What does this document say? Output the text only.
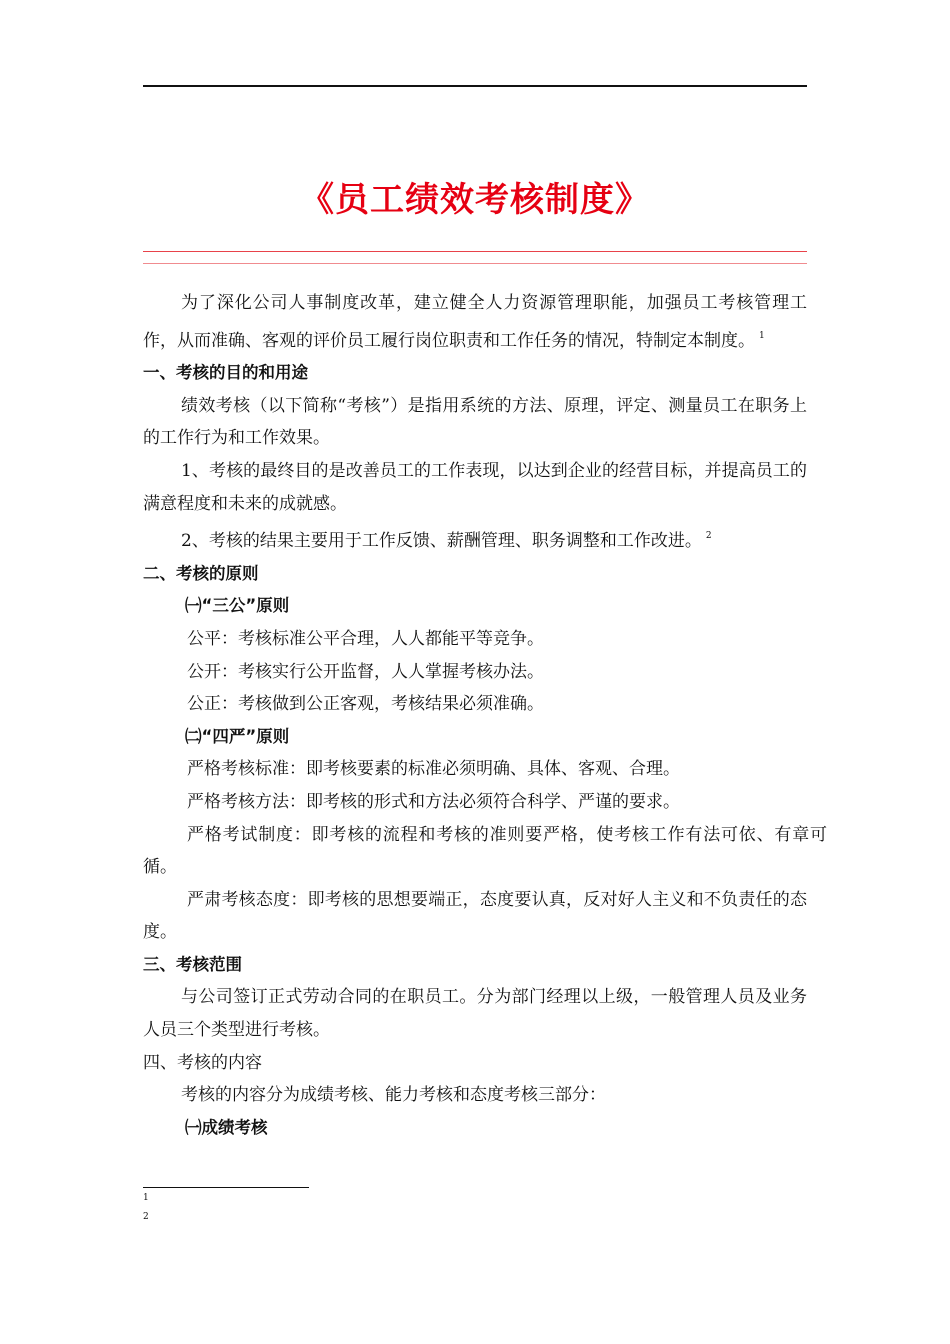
《员工绩效考核制度》

为了深化公司人事制度改革，建立健全人力资源管理职能，加强员工考核管理工作，从而准确、客观的评价员工履行岗位职责和工作任务的情况，特制定本制度。 $^1$

一、考核的目的和用途

绩效考核（以下简称“考核”）是指用系统的方法、原理，评定、测量员工在职务上的工作行为和工作效果。

1、考核的最终目的是改善员工的工作表现，以达到企业的经营目标，并提高员工的满意程度和未来的成就感。

2、考核的结果主要用于工作反馈、薪酬管理、职务调整和工作改进。 $^2$

二、考核的原则

㈠“三公”原则

公平：考核标准公平合理，人人都能平等竞争。

公开：考核实行公开监督，人人掌握考核办法。

公正：考核做到公正客观，考核结果必须准确。

㈡“四严”原则

严格考核标准：即考核要素的标准必须明确、具体、客观、合理。

严格考核方法：即考核的形式和方法必须符合科学、严谨的要求。

严格考试制度：即考核的流程和考核的准则要严格，使考核工作有法可依、有章可循。

严肃考核态度：即考核的思想要端正，态度要认真，反对好人主义和不负责任的态度。

三、考核范围

与公司签订正式劳动合同的在职员工。分为部门经理以上级，一般管理人员及业务人员三个类型进行考核。

四、考核的内容

考核的内容分为成绩考核、能力考核和态度考核三部分：

㈠成绩考核

1
2
